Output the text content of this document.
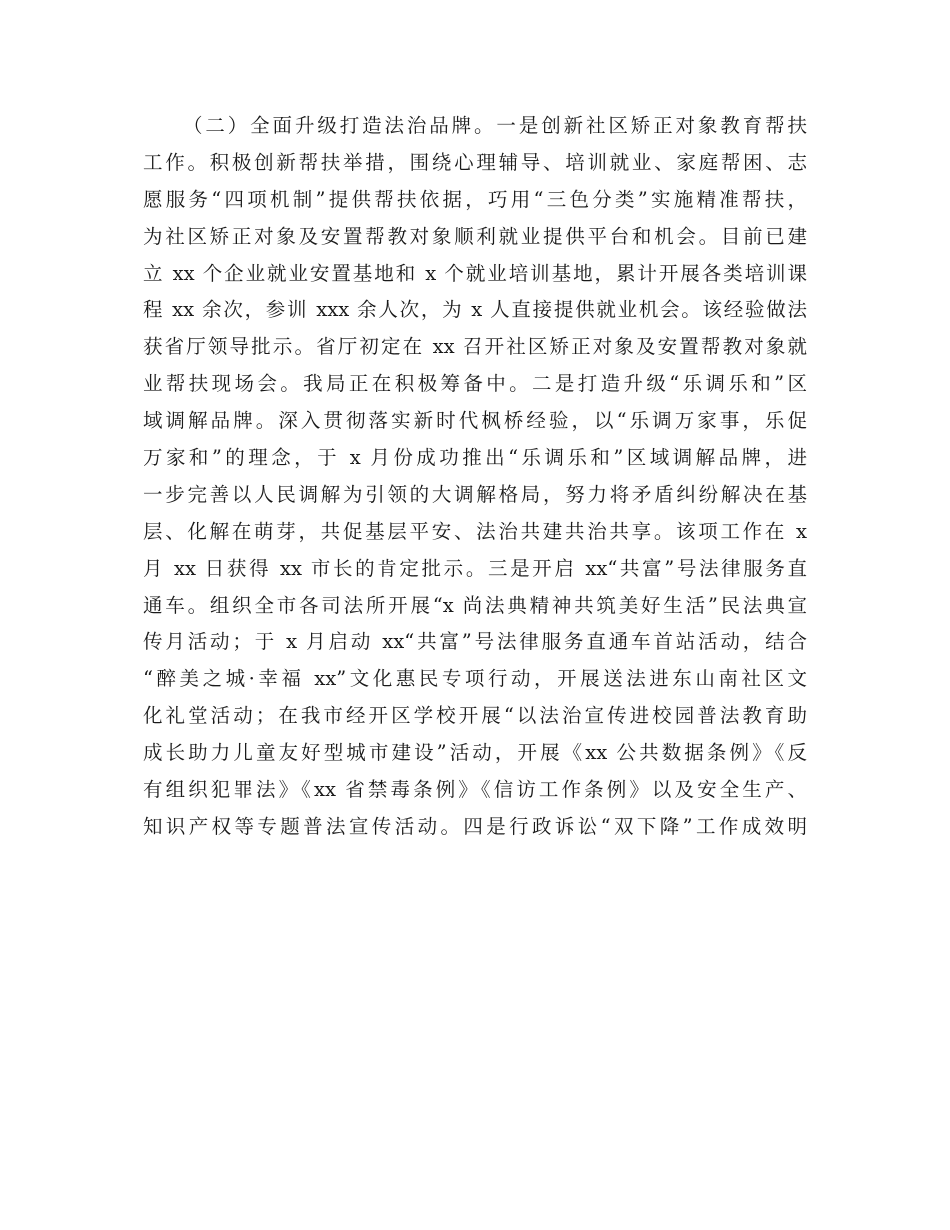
（二）全面升级打造法治品牌。一是创新社区矫正对象教育帮扶
工作。积极创新帮扶举措，围绕心理辅导、培训就业、家庭帮困、志
愿服务“四项机制”提供帮扶依据，巧用“三色分类”实施精准帮扶，
为社区矫正对象及安置帮教对象顺利就业提供平台和机会。目前已建
立 xx 个企业就业安置基地和 x 个就业培训基地，累计开展各类培训课
程 xx 余次，参训 xxx 余人次，为 x 人直接提供就业机会。该经验做法
获省厅领导批示。省厅初定在 xx 召开社区矫正对象及安置帮教对象就
业帮扶现场会。我局正在积极筹备中。二是打造升级“乐调乐和”区
域调解品牌。深入贯彻落实新时代枫桥经验，以“乐调万家事，乐促
万家和”的理念，于 x 月份成功推出“乐调乐和”区域调解品牌，进
一步完善以人民调解为引领的大调解格局，努力将矛盾纠纷解决在基
层、化解在萌芽，共促基层平安、法治共建共治共享。该项工作在 x
月 xx 日获得 xx 市长的肯定批示。三是开启 xx“共富”号法律服务直
通车。组织全市各司法所开展“x 尚法典精神共筑美好生活”民法典宣
传月活动；于 x 月启动 xx“共富”号法律服务直通车首站活动，结合
“醉美之城·幸福 xx”文化惠民专项行动，开展送法进东山南社区文
化礼堂活动；在我市经开区学校开展“以法治宣传进校园普法教育助
成长助力儿童友好型城市建设”活动，开展《xx 公共数据条例》《反
有组织犯罪法》《xx 省禁毒条例》《信访工作条例》以及安全生产、
知识产权等专题普法宣传活动。四是行政诉讼“双下降”工作成效明
